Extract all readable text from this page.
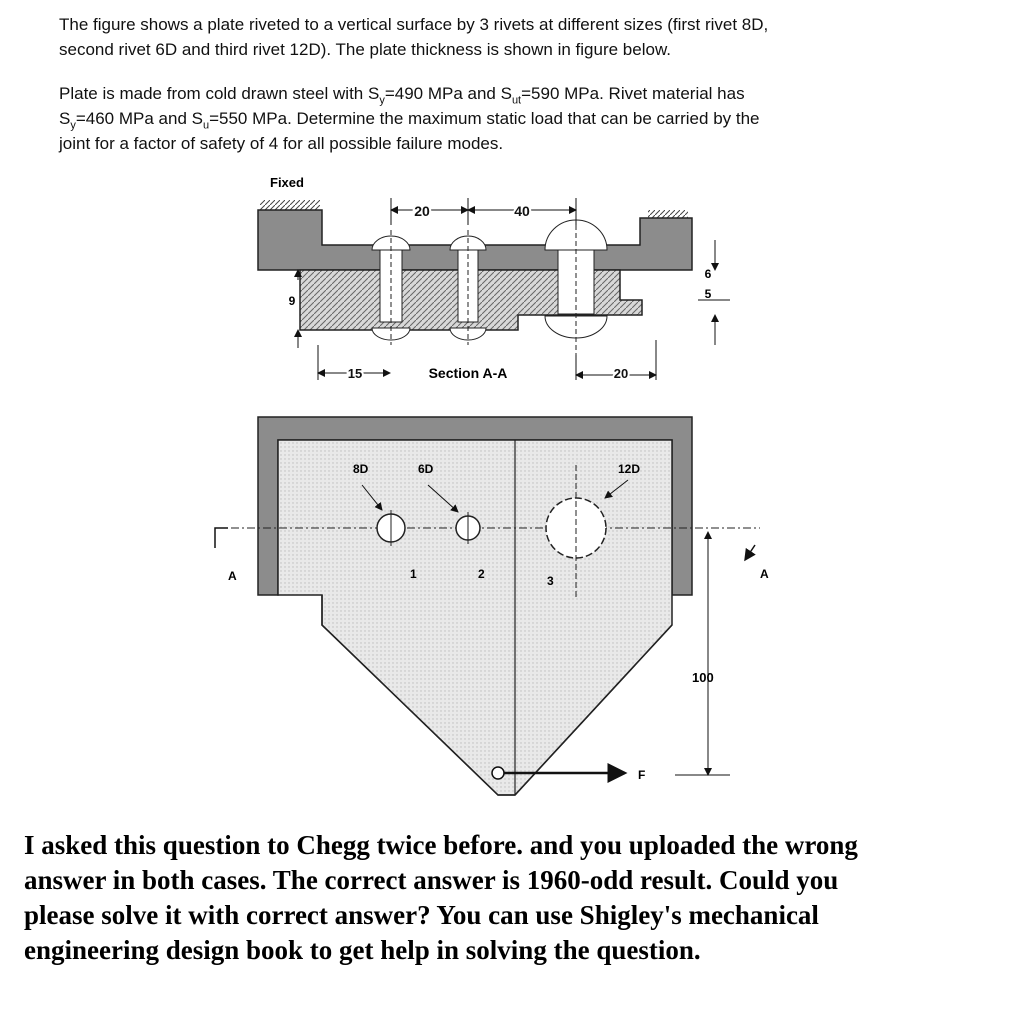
The figure shows a plate riveted to a vertical surface by 3 rivets at different sizes (first rivet 8D,
second rivet 6D and third rivet 12D). The plate thickness is shown in figure below.
Plate is made from cold drawn steel with $S_y=490$ MPa and $S_{ut}=590$ MPa. Rivet material has
$S_y=460$ MPa and $S_u=550$ MPa. Determine the maximum static load that can be carried by the
joint for a factor of safety of 4 for all possible failure modes.
Fixed
20	40
9
6
5
15	Section A-A	20
8D	6D	12D
1	2	3
A	A
100
F
I asked this question to Chegg twice before. and you uploaded the wrong
answer in both cases. The correct answer is 1960-odd result. Could you
please solve it with correct answer? You can use Shigley's mechanical
engineering design book to get help in solving the question.
